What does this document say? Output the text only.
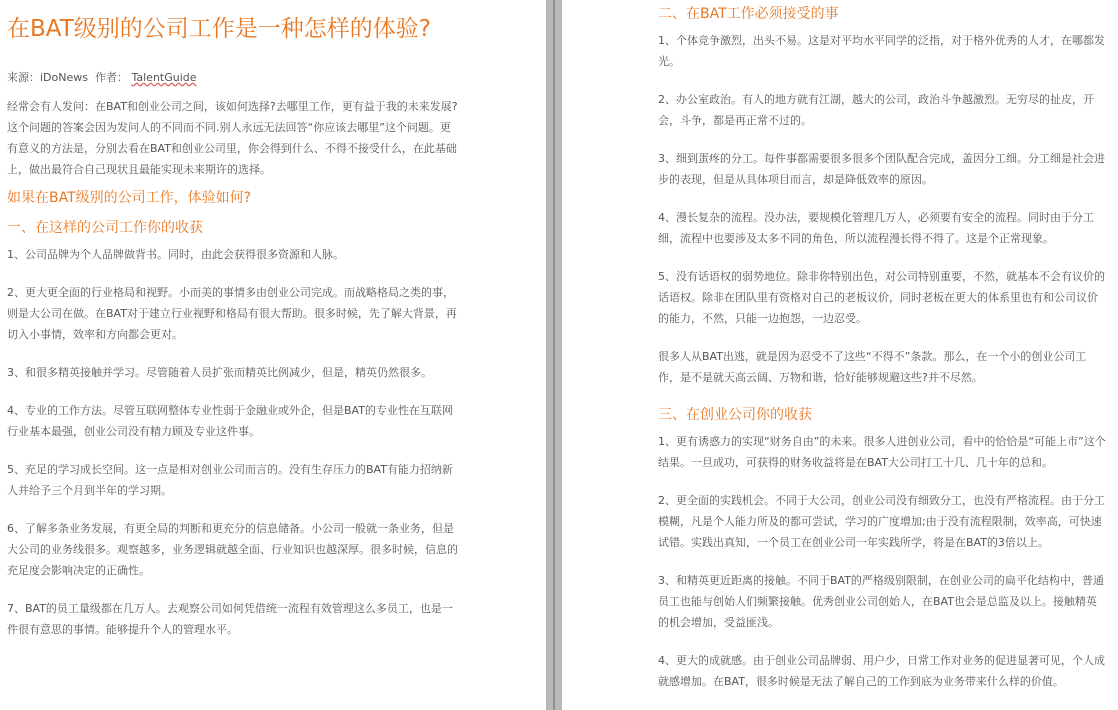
在BAT级别的公司工作是一种怎样的体验?
来源：iDoNews 作者： TalentGuide

经常会有人发问：在BAT和创业公司之间，该如何选择?去哪里工作，更有益于我的未来发展?

这个问题的答案会因为发问人的不同而不同.别人永远无法回答“你应该去哪里”这个问题。更有意义的方法是，分别去看在BAT和创业公司里，你会得到什么、不得不接受什么，在此基础上，做出最符合自己现状且最能实现未来期许的选择。

如果在BAT级别的公司工作，体验如何?
一、在这样的公司工作你的收获

1、公司品牌为个人品牌做背书。同时，由此会获得很多资源和人脉。

2、更大更全面的行业格局和视野。小而美的事情多由创业公司完成。而战略格局之类的事，则是大公司在做。在BAT对于建立行业视野和格局有很大帮助。很多时候，先了解大背景，再切入小事情，效率和方向都会更对。

3、和很多精英接触并学习。尽管随着人员扩张而精英比例减少，但是，精英仍然很多。

4、专业的工作方法。尽管互联网整体专业性弱于金融业或外企，但是BAT的专业性在互联网行业基本最强，创业公司没有精力顾及专业这件事。

5、充足的学习成长空间。这一点是相对创业公司而言的。没有生存压力的BAT有能力招纳新人并给予三个月到半年的学习期。

6、了解多条业务发展，有更全局的判断和更充分的信息储备。小公司一般就一条业务，但是大公司的业务线很多。观察越多，业务逻辑就越全面、行业知识也越深厚。很多时候，信息的充足度会影响决定的正确性。

7、BAT的员工量级都在几万人。去观察公司如何凭借统一流程有效管理这么多员工，也是一件很有意思的事情。能够提升个人的管理水平。

二、在BAT工作必须接受的事

1、个体竞争激烈，出头不易。这是对平均水平同学的泛指，对于格外优秀的人才，在哪都发光。

2、办公室政治。有人的地方就有江湖，越大的公司，政治斗争越激烈。无穷尽的扯皮，开会，斗争，都是再正常不过的。

3、细到蛋疼的分工。每件事都需要很多很多个团队配合完成，盖因分工细。分工细是社会进步的表现，但是从具体项目而言，却是降低效率的原因。

4、漫长复杂的流程。没办法，要规模化管理几万人，必须要有安全的流程。同时由于分工细，流程中也要涉及太多不同的角色，所以流程漫长得不得了。这是个正常现象。

5、没有话语权的弱势地位。除非你特别出色，对公司特别重要，不然，就基本不会有议价的话语权。除非在团队里有资格对自己的老板议价，同时老板在更大的体系里也有和公司议价的能力，不然，只能一边抱怨，一边忍受。

很多人从BAT出逃，就是因为忍受不了这些“不得不”条款。那么，在一个小的创业公司工作，是不是就天高云阔、万物和谐，恰好能够规避这些?并不尽然。

三、在创业公司你的收获

1、更有诱惑力的实现“财务自由”的未来。很多人进创业公司，看中的恰恰是“可能上市”这个结果。一旦成功，可获得的财务收益将是在BAT大公司打工十几、几十年的总和。

2、更全面的实践机会。不同于大公司，创业公司没有细致分工，也没有严格流程。由于分工模糊，凡是个人能力所及的都可尝试，学习的广度增加;由于没有流程限制，效率高，可快速试错。实践出真知，一个员工在创业公司一年实践所学，将是在BAT的3倍以上。

3、和精英更近距离的接触。不同于BAT的严格级别限制，在创业公司的扁平化结构中，普通员工也能与创始人们频繁接触。优秀创业公司创始人，在BAT也会是总监及以上。接触精英的机会增加，受益匪浅。

4、更大的成就感。由于创业公司品牌弱、用户少，日常工作对业务的促进显著可见，个人成就感增加。在BAT，很多时候是无法了解自己的工作到底为业务带来什么样的价值。
